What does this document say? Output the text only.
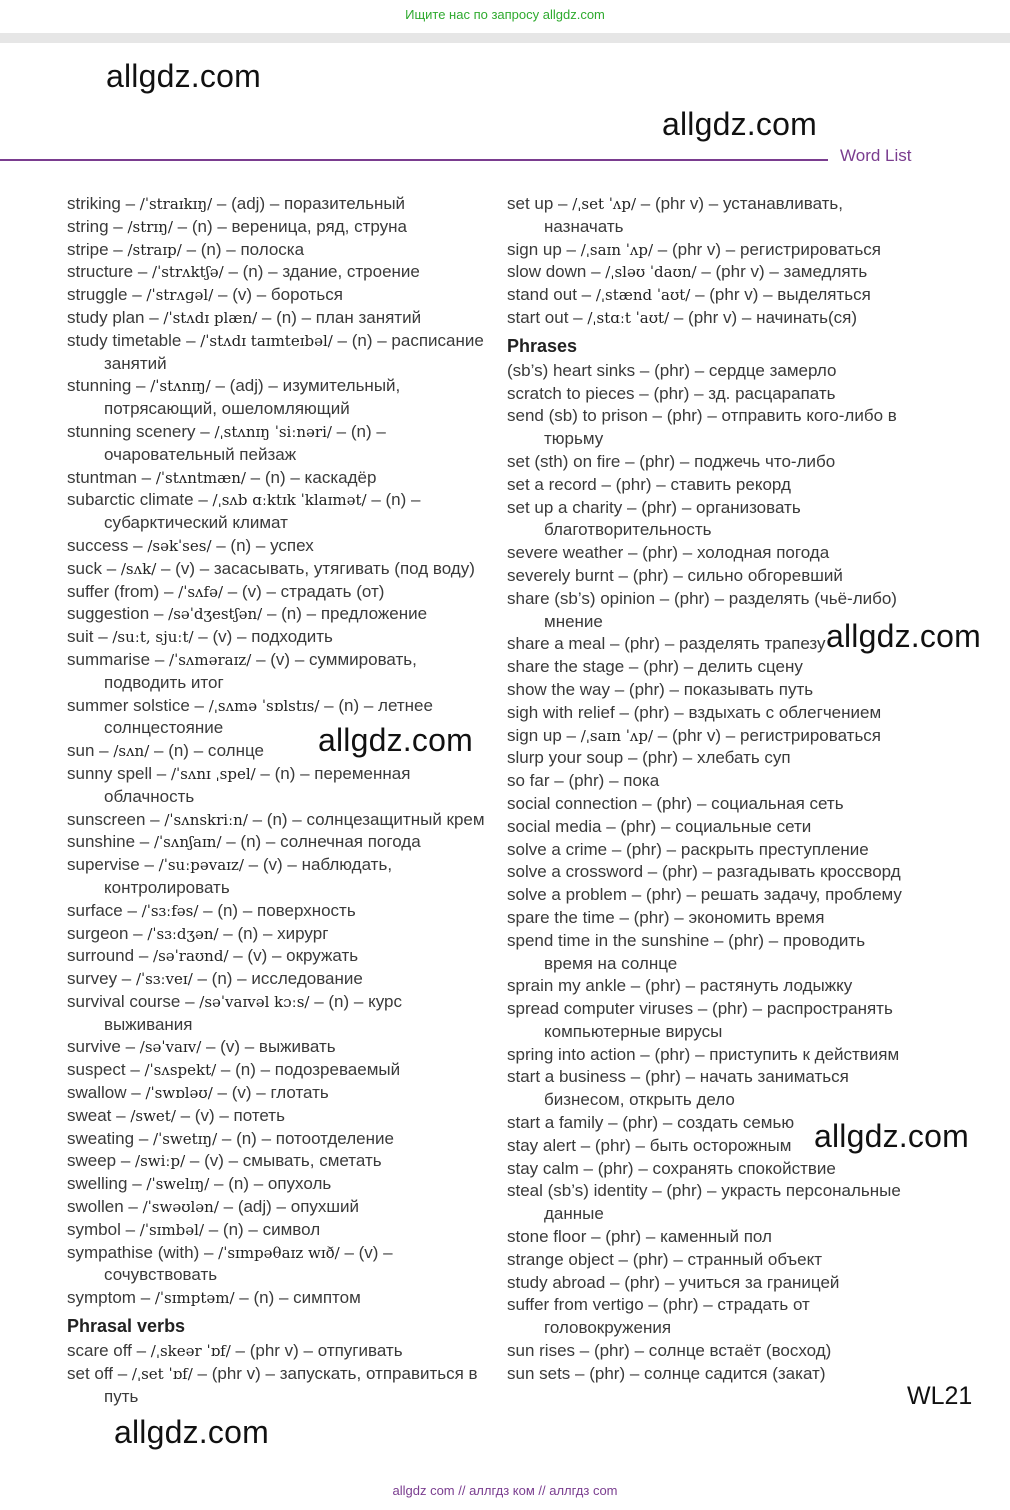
Ищите нас по запросу allgdz.com
allgdz.com
allgdz.com
Word List
striking – /ˈstraɪkɪŋ/ – (adj) – поразительный
string – /strɪŋ/ – (n) – вереница, ряд, струна
stripe – /straɪp/ – (n) – полоска
structure – /ˈstrʌktʃə/ – (n) – здание, строение
struggle – /ˈstrʌɡəl/ – (v) – бороться
study plan – /ˈstʌdɪ plæn/ – (n) – план занятий
study timetable – /ˈstʌdɪ taɪmteɪbəl/ – (n) – расписание занятий
stunning – /ˈstʌnɪŋ/ – (adj) – изумительный, потрясающий, ошеломляющий
stunning scenery – /ˌstʌnɪŋ ˈsiːnəri/ – (n) – очаровательный пейзаж
stuntman – /ˈstʌntmæn/ – (n) – каскадёр
subarctic climate – /ˌsʌb ɑːktɪk ˈklaɪmət/ – (n) – субарктический климат
success – /səkˈses/ – (n) – успех
suck – /sʌk/ – (v) – засасывать, утягивать (под воду)
suffer (from) – /ˈsʌfə/ – (v) – страдать (от)
suggestion – /səˈdʒestʃən/ – (n) – предложение
suit – /suːt, sjuːt/ – (v) – подходить
summarise – /ˈsʌməraɪz/ – (v) – суммировать, подводить итог
summer solstice – /ˌsʌmə ˈsɒlstɪs/ – (n) – летнее солнцестояние
sun – /sʌn/ – (n) – солнце
sunny spell – /ˈsʌnɪ ˌspel/ – (n) – переменная облачность
sunscreen – /ˈsʌnskriːn/ – (n) – солнцезащитный крем
sunshine – /ˈsʌnʃaɪn/ – (n) – солнечная погода
supervise – /ˈsuːpəvaɪz/ – (v) – наблюдать, контролировать
surface – /ˈsɜːfəs/ – (n) – поверхность
surgeon – /ˈsɜːdʒən/ – (n) – хирург
surround – /səˈraʊnd/ – (v) – окружать
survey – /ˈsɜːveɪ/ – (n) – исследование
survival course – /səˈvaɪvəl kɔːs/ – (n) – курс выживания
survive – /səˈvaɪv/ – (v) – выживать
suspect – /ˈsʌspekt/ – (n) – подозреваемый
swallow – /ˈswɒləʊ/ – (v) – глотать
sweat – /swet/ – (v) – потеть
sweating – /ˈswetɪŋ/ – (n) – потоотделение
sweep – /swiːp/ – (v) – смывать, сметать
swelling – /ˈswelɪŋ/ – (n) – опухоль
swollen – /ˈswəʊlən/ – (adj) – опухший
symbol – /ˈsɪmbəl/ – (n) – символ
sympathise (with) – /ˈsɪmpəθaɪz wɪð/ – (v) – сочувствовать
symptom – /ˈsɪmptəm/ – (n) – симптом
Phrasal verbs
scare off – /ˌskeər ˈɒf/ – (phr v) – отпугивать
set off – /ˌset ˈɒf/ – (phr v) – запускать, отправиться в путь
set up – /ˌset ˈʌp/ – (phr v) – устанавливать, назначать
sign up – /ˌsaɪn ˈʌp/ – (phr v) – регистрироваться
slow down – /ˌsləʊ ˈdaʊn/ – (phr v) – замедлять
stand out – /ˌstænd ˈaʊt/ – (phr v) – выделяться
start out – /ˌstɑːt ˈaʊt/ – (phr v) – начинать(ся)
Phrases
(sb’s) heart sinks – (phr) – сердце замерло
scratch to pieces – (phr) – зд. расцарапать
send (sb) to prison – (phr) – отправить кого-либо в тюрьму
set (sth) on fire – (phr) – поджечь что-либо
set a record – (phr) – ставить рекорд
set up a charity – (phr) – организовать благотворительность
severe weather – (phr) – холодная погода
severely burnt – (phr) – сильно обгоревший
share (sb’s) opinion – (phr) – разделять (чьё-либо) мнение
share a meal – (phr) – разделять трапезу
share the stage – (phr) – делить сцену
show the way – (phr) – показывать путь
sigh with relief – (phr) – вздыхать с облегчением
sign up – /ˌsaɪn ˈʌp/ – (phr v) – регистрироваться
slurp your soup – (phr) – хлебать суп
so far – (phr) – пока
social connection – (phr) – социальная сеть
social media – (phr) – социальные сети
solve a crime – (phr) – раскрыть преступление
solve a crossword – (phr) – разгадывать кроссворд
solve a problem – (phr) – решать задачу, проблему
spare the time – (phr) – экономить время
spend time in the sunshine – (phr) – проводить время на солнце
sprain my ankle – (phr) – растянуть лодыжку
spread computer viruses – (phr) – распространять компьютерные вирусы
spring into action – (phr) – приступить к действиям
start a business – (phr) – начать заниматься бизнесом, открыть дело
start a family – (phr) – создать семью
stay alert – (phr) – быть осторожным
stay calm – (phr) – сохранять спокойствие
steal (sb’s) identity – (phr) – украсть персональные данные
stone floor – (phr) – каменный пол
strange object – (phr) – странный объект
study abroad – (phr) – учиться за границей
suffer from vertigo – (phr) – страдать от головокружения
sun rises – (phr) – солнце встаёт (восход)
sun sets – (phr) – солнце садится (закат)
allgdz.com
allgdz.com
allgdz.com
allgdz.com
WL21
allgdz com // аллгдз ком // аллгдз com
